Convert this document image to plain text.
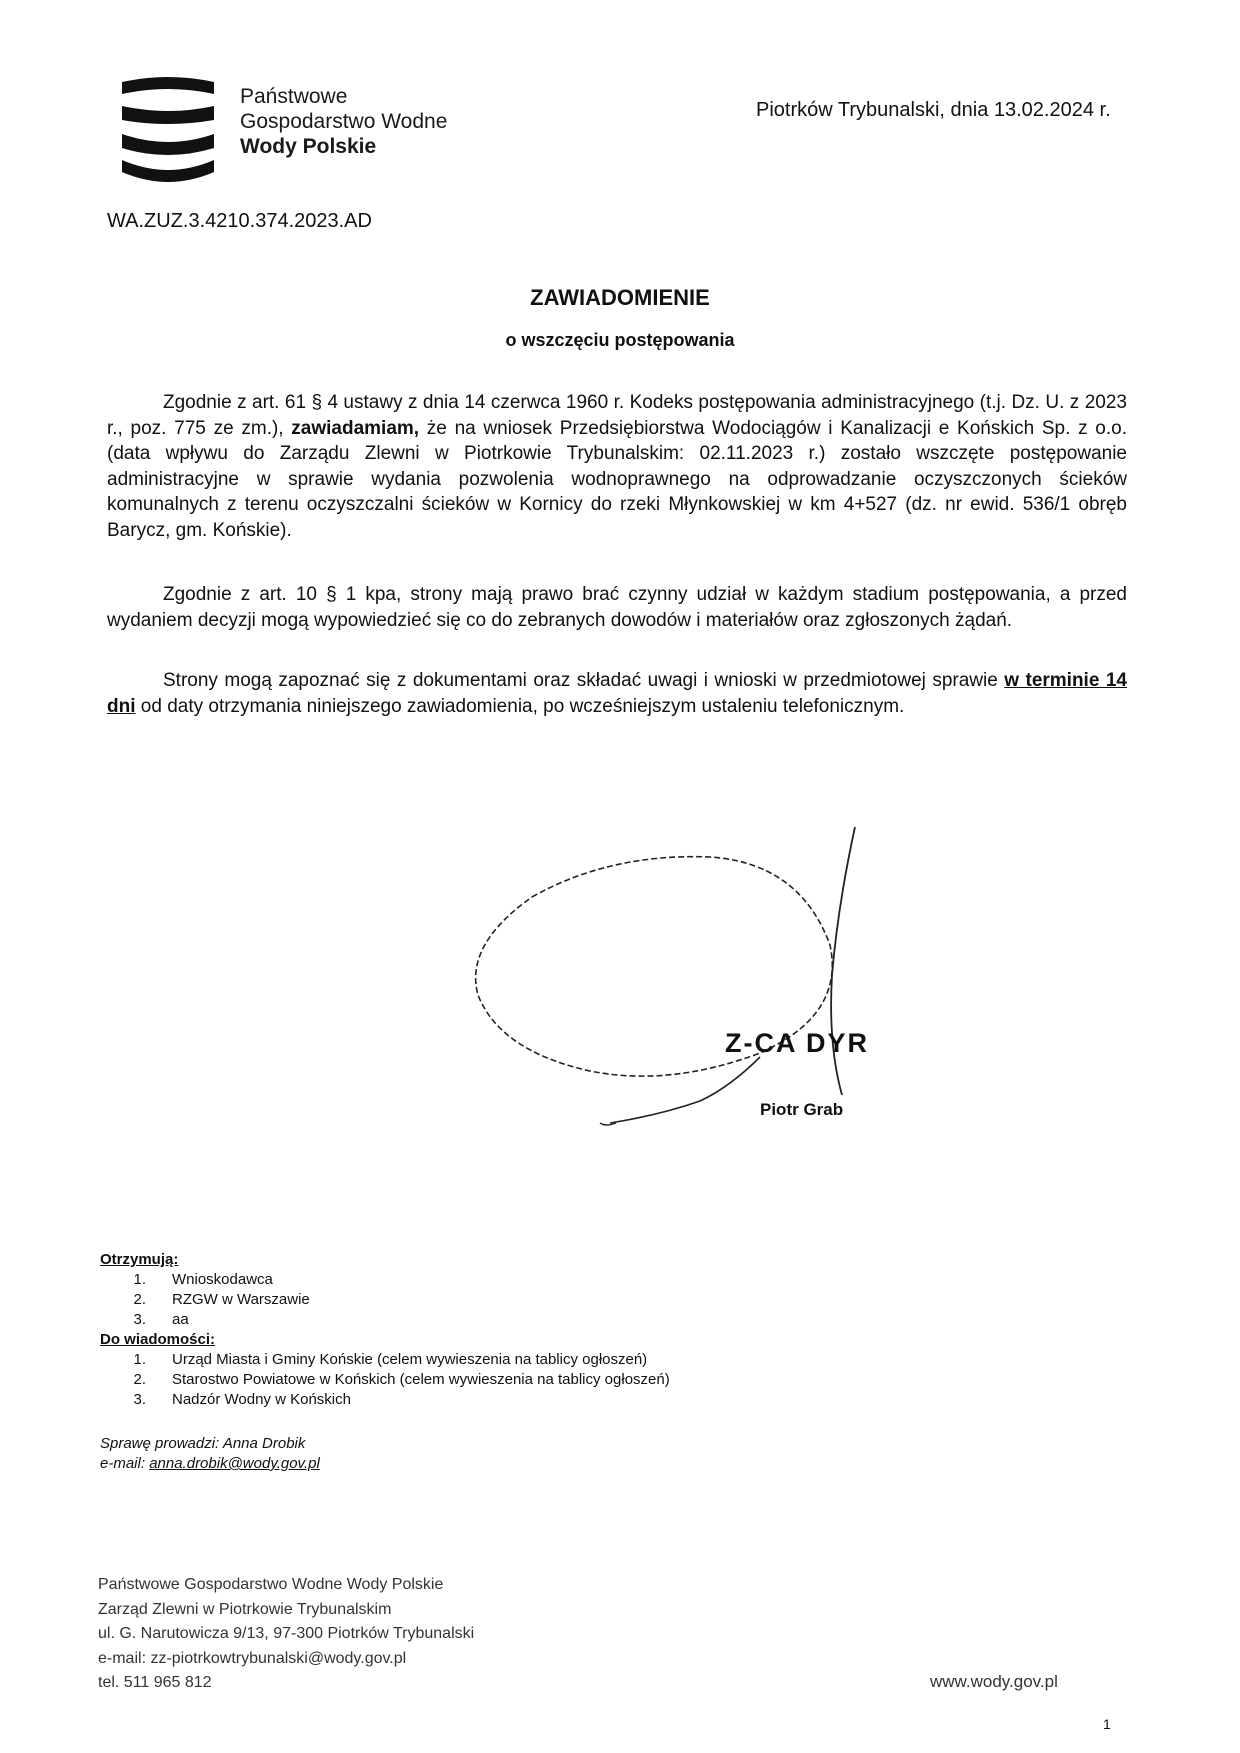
Państwowe
Gospodarstwo Wodne
Wody Polskie
Piotrków Trybunalski, dnia 13.02.2024 r.
WA.ZUZ.3.4210.374.2023.AD
ZAWIADOMIENIE
o wszczęciu postępowania
Zgodnie z art. 61 § 4 ustawy z dnia 14 czerwca 1960 r. Kodeks postępowania administracyjnego (t.j. Dz. U. z 2023 r., poz. 775 ze zm.), zawiadamiam, że na wniosek Przedsiębiorstwa Wodociągów i Kanalizacji e Końskich Sp. z o.o. (data wpływu do Zarządu Zlewni w Piotrkowie Trybunalskim: 02.11.2023 r.) zostało wszczęte postępowanie administracyjne w sprawie wydania pozwolenia wodnoprawnego na odprowadzanie oczyszczonych ścieków komunalnych z terenu oczyszczalni ścieków w Kornicy do rzeki Młynkowskiej w km 4+527 (dz. nr ewid. 536/1 obręb Barycz, gm. Końskie).
Zgodnie z art. 10 § 1 kpa, strony mają prawo brać czynny udział w każdym stadium postępowania, a przed wydaniem decyzji mogą wypowiedzieć się co do zebranych dowodów i materiałów oraz zgłoszonych żądań.
Strony mogą zapoznać się z dokumentami oraz składać uwagi i wnioski w przedmiotowej sprawie w terminie 14 dni od daty otrzymania niniejszego zawiadomienia, po wcześniejszym ustaleniu telefonicznym.
Z-CA DYR
Piotr Grab
Otrzymują:
1. Wnioskodawca
2. RZGW w Warszawie
3. aa
Do wiadomości:
1. Urząd Miasta i Gminy Końskie (celem wywieszenia na tablicy ogłoszeń)
2. Starostwo Powiatowe w Końskich (celem wywieszenia na tablicy ogłoszeń)
3. Nadzór Wodny w Końskich
Sprawę prowadzi: Anna Drobik
e-mail: anna.drobik@wody.gov.pl
Państwowe Gospodarstwo Wodne Wody Polskie
Zarząd Zlewni w Piotrkowie Trybunalskim
ul. G. Narutowicza 9/13, 97-300 Piotrków Trybunalski
e-mail: zz-piotrkowtrybunalski@wody.gov.pl
tel. 511 965 812	www.wody.gov.pl
1
